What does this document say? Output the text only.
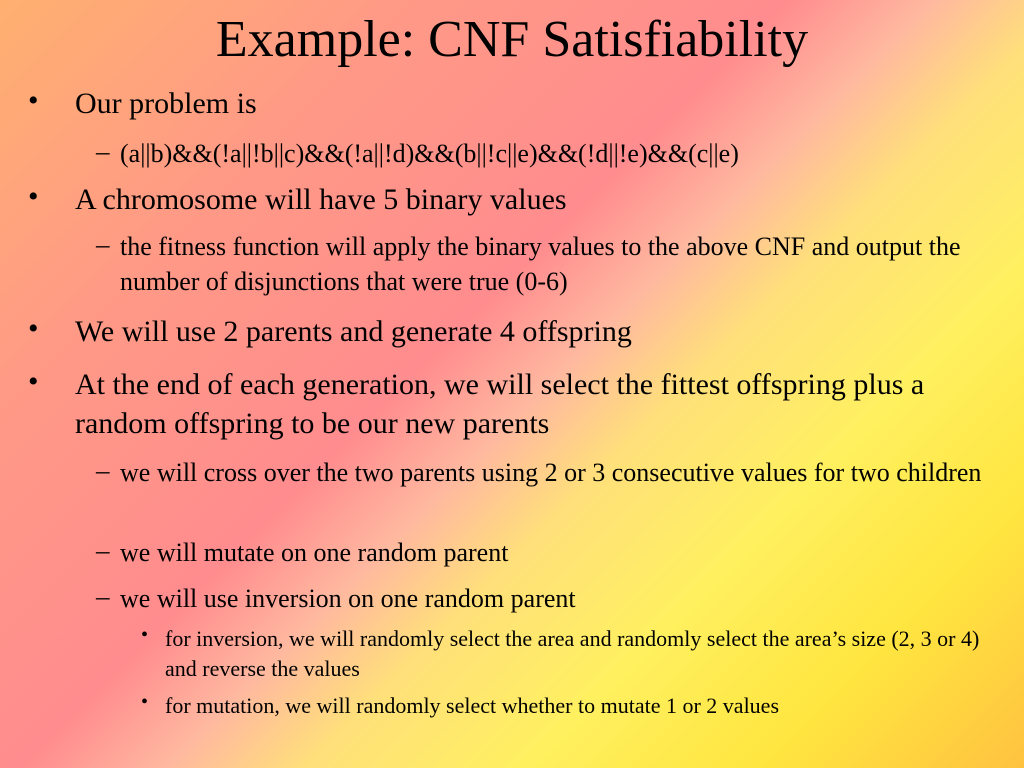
Example: CNF Satisfiability
• Our problem is
– (a||b)&&(!a||!b||c)&&(!a||!d)&&(b||!c||e)&&(!d||!e)&&(c||e)
• A chromosome will have 5 binary values
– the fitness function will apply the binary values to the above CNF and output the number of disjunctions that were true (0-6)
• We will use 2 parents and generate 4 offspring
• At the end of each generation, we will select the fittest offspring plus a random offspring to be our new parents
– we will cross over the two parents using 2 or 3 consecutive values for two children
– we will mutate on one random parent
– we will use inversion on one random parent
• for inversion, we will randomly select the area and randomly select the area’s size (2, 3 or 4) and reverse the values
• for mutation, we will randomly select whether to mutate 1 or 2 values
